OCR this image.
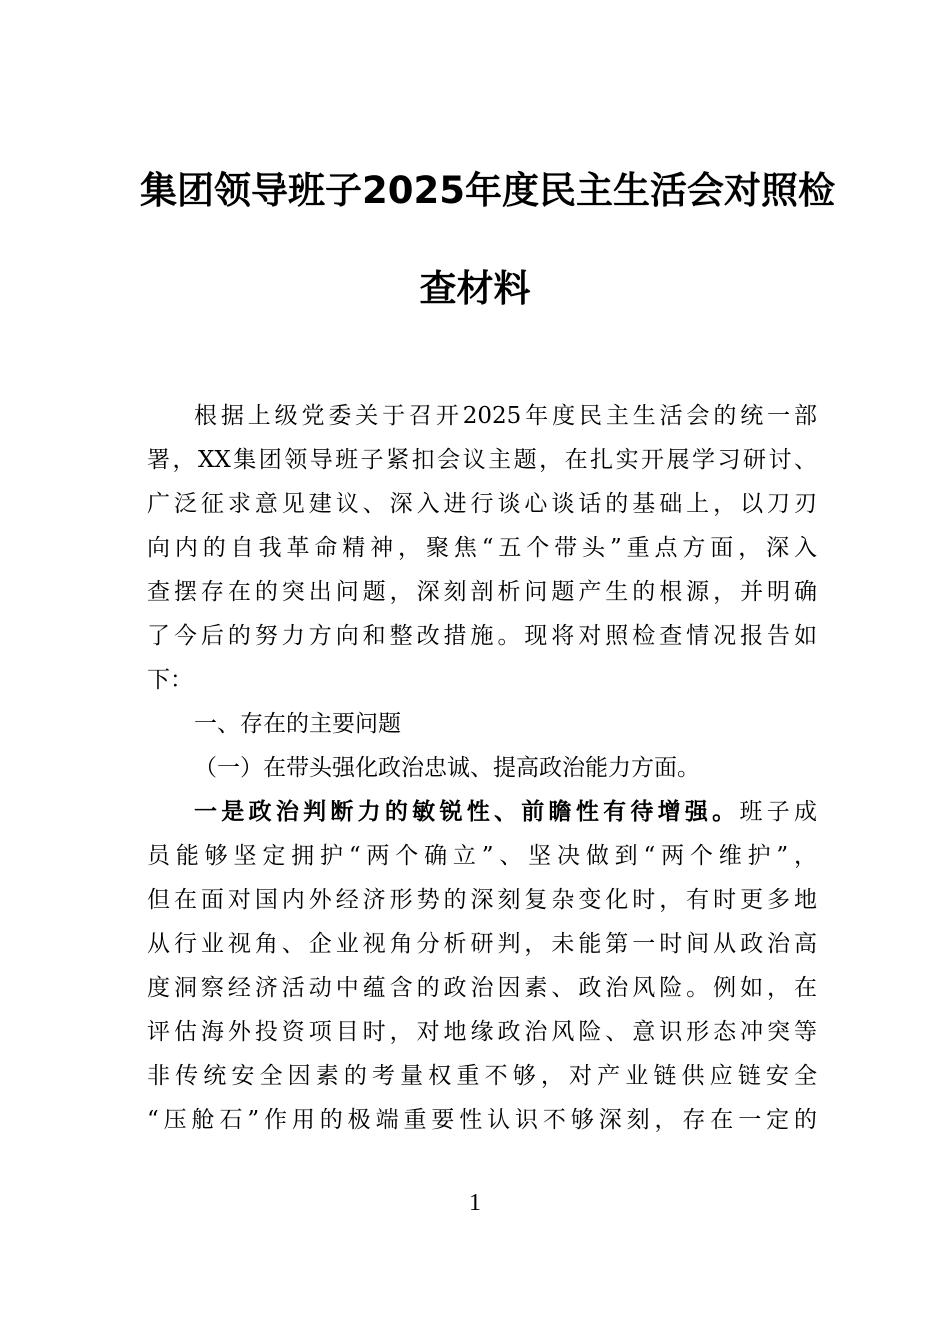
集团领导班子2025年度民主生活会对照检
查材料
根据上级党委关于召开2025年度民主生活会的统一部
署，XX集团领导班子紧扣会议主题，在扎实开展学习研讨、
广泛征求意见建议、深入进行谈心谈话的基础上，以刀刃
向内的自我革命精神，聚焦“五个带头”重点方面，深入
查摆存在的突出问题，深刻剖析问题产生的根源，并明确
了今后的努力方向和整改措施。现将对照检查情况报告如
下：
一、存在的主要问题
（一）在带头强化政治忠诚、提高政治能力方面。
一是政治判断力的敏锐性、前瞻性有待增强。班子成
员能够坚定拥护“两个确立”、坚决做到“两个维护”，
但在面对国内外经济形势的深刻复杂变化时，有时更多地
从行业视角、企业视角分析研判，未能第一时间从政治高
度洞察经济活动中蕴含的政治因素、政治风险。例如，在
评估海外投资项目时，对地缘政治风险、意识形态冲突等
非传统安全因素的考量权重不够，对产业链供应链安全
“压舱石”作用的极端重要性认识不够深刻，存在一定的
1
